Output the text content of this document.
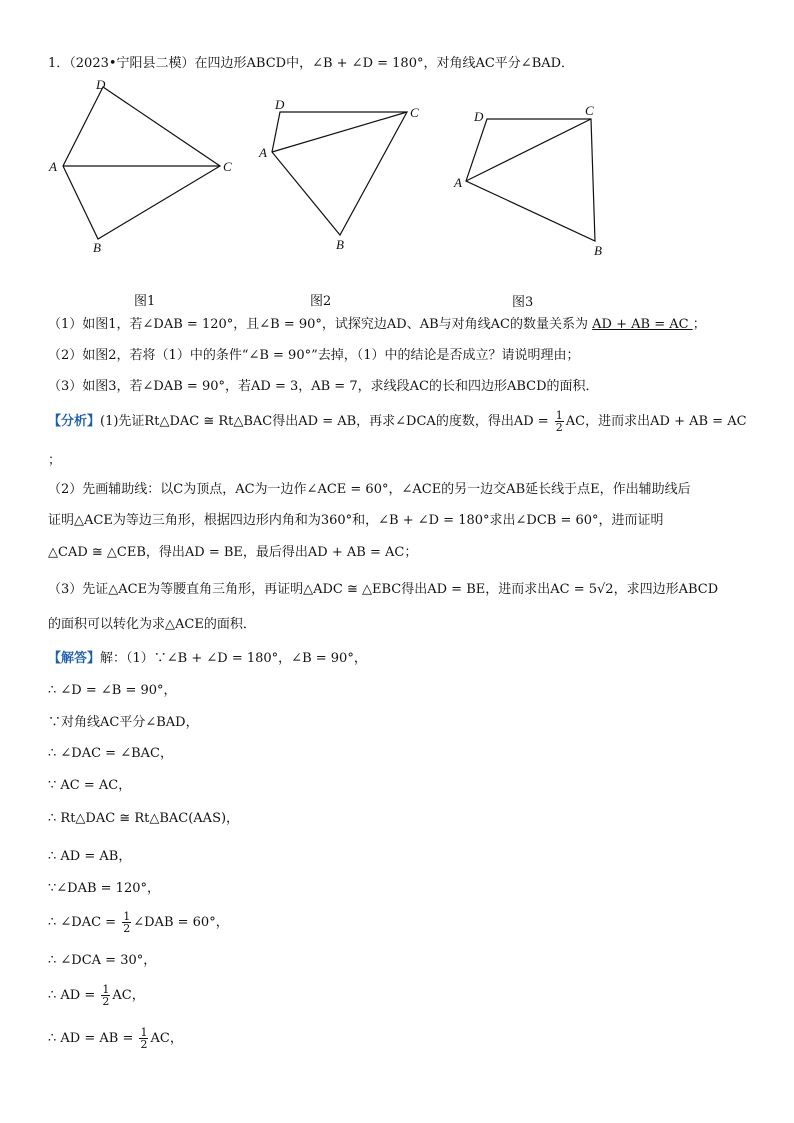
1．（2023•宁阳县二模）在四边形ABCD中，∠B + ∠D = 180°，对角线AC平分∠BAD．
D
A	C
B
图1
D
A
C
B
图2
D
A
C
B
图3
（1）如图1，若∠DAB = 120°，且∠B = 90°，试探究边AD、AB与对角线AC的数量关系为 AD + AB = AC ；
（2）如图2，若将（1）中的条件“∠B = 90°”去掉，（1）中的结论是否成立？请说明理由；
（3）如图3，若∠DAB = 90°，若AD = 3，AB = 7，求线段AC的长和四边形ABCD的面积．
【分析】(1)先证Rt△DAC ≅ Rt△BAC得出AD = AB，再求∠DCA的度数，得出AD = $\frac{1}{2}$ AC，进而求出AD + AB = AC
；
（2）先画辅助线：以C为顶点，AC为一边作∠ACE = 60°，∠ACE的另一边交AB延长线于点E，作出辅助线后
证明△ACE为等边三角形，根据四边形内角和为360°和，∠B + ∠D = 180°求出∠DCB = 60°，进而证明
△CAD ≅ △CEB，得出AD = BE，最后得出AD + AB = AC；
（3）先证△ACE为等腰直角三角形，再证明△ADC ≅ △EBC得出AD = BE，进而求出AC = 5√2，求四边形ABCD
的面积可以转化为求△ACE的面积．
【解答】解：（1）∵∠B + ∠D = 180°，∠B = 90°，
∴ ∠D = ∠B = 90°，
∵对角线AC平分∠BAD，
∴ ∠DAC = ∠BAC，
∵ AC = AC，
∴ Rt△DAC ≅ Rt△BAC(AAS)，
∴ AD = AB，
∵∠DAB = 120°，
∴ ∠DAC = $\frac{1}{2}$ ∠DAB = 60°，
∴ ∠DCA = 30°，
∴ AD = $\frac{1}{2}$ AC，
∴ AD = AB = $\frac{1}{2}$ AC，
